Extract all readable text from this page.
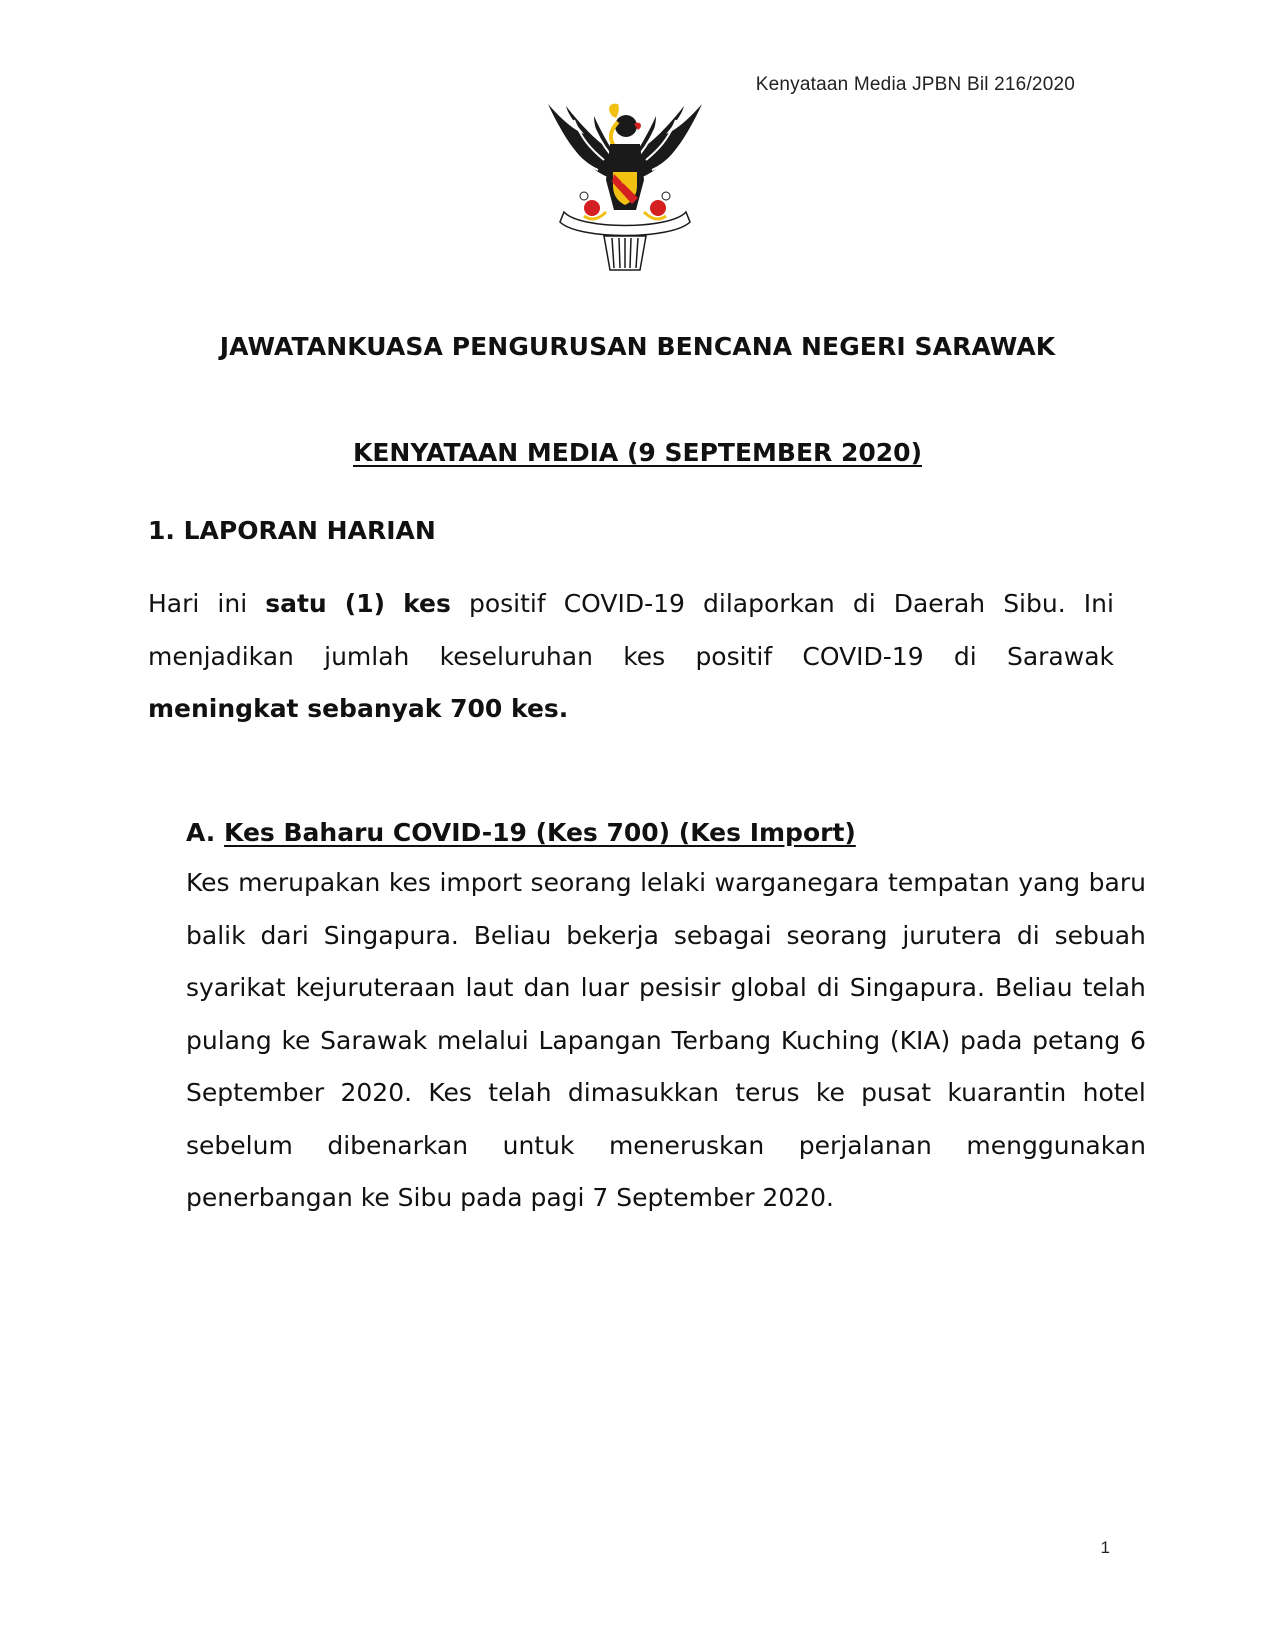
Kenyataan Media JPBN Bil 216/2020
JAWATANKUASA PENGURUSAN BENCANA NEGERI SARAWAK
KENYATAAN MEDIA (9 SEPTEMBER 2020)
1. LAPORAN HARIAN
Hari ini satu (1) kes positif COVID-19 dilaporkan di Daerah Sibu. Ini
menjadikan jumlah keseluruhan kes positif COVID-19 di Sarawak
meningkat sebanyak 700 kes.
A. Kes Baharu COVID-19 (Kes 700) (Kes Import)
Kes merupakan kes import seorang lelaki warganegara tempatan yang baru
balik dari Singapura. Beliau bekerja sebagai seorang jurutera di sebuah
syarikat kejuruteraan laut dan luar pesisir global di Singapura. Beliau telah
pulang ke Sarawak melalui Lapangan Terbang Kuching (KIA) pada petang 6
September 2020. Kes telah dimasukkan terus ke pusat kuarantin hotel
sebelum dibenarkan untuk meneruskan perjalanan menggunakan
penerbangan ke Sibu pada pagi 7 September 2020.
1
